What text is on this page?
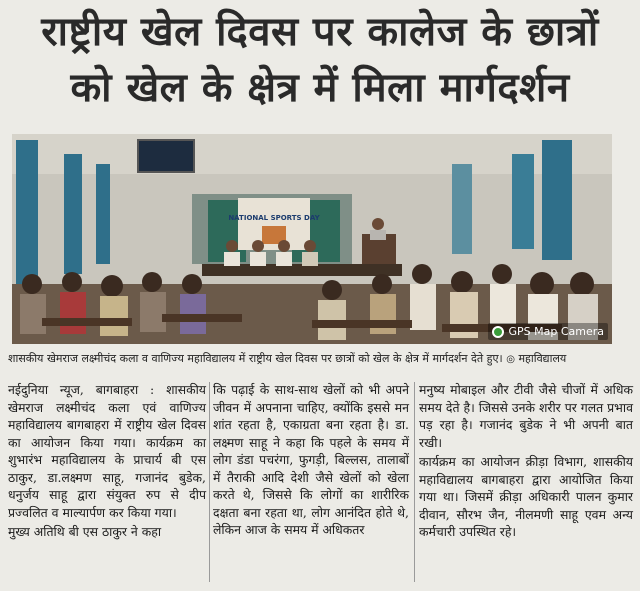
राष्ट्रीय खेल दिवस पर कालेज के छात्रों
को खेल के क्षेत्र में मिला मार्गदर्शन
NATIONAL SPORTS DAY
GPS Map Camera
शासकीय खेमराज लक्ष्मीचंद कला व वाणिज्य महाविद्यालय में राष्ट्रीय खेल दिवस पर छात्रों को खेल के क्षेत्र में मार्गदर्शन देते हुए। ◎ महाविद्यालय

नईदुनिया न्यूज, बागबाहरा : शासकीय खेमराज लक्ष्मीचंद कला एवं वाणिज्य महाविद्यालय बागबाहरा में राष्ट्रीय खेल दिवस का आयोजन किया गया। कार्यक्रम का शुभारंभ महाविद्यालय के प्राचार्य बी एस ठाकुर, डा.लक्ष्मण साहू, गजानंद बुडेक, धनुर्जय साहू द्वारा संयुक्त रुप से दीप प्रज्वलित व माल्यार्पण कर किया गया।

मुख्य अतिथि बी एस ठाकुर ने कहा

कि पढ़ाई के साथ-साथ खेलों को भी अपने जीवन में अपनाना चाहिए, क्योंकि इससे मन शांत रहता है, एकाग्रता बना रहता है। डा. लक्ष्मण साहू ने कहा कि पहले के समय में लोग डंडा पचरंगा, फुगड़ी, बिल्लस, तालाबों में तैराकी आदि देशी जैसे खेलों को खेला करते थे, जिससे कि लोगों का शारीरिक दक्षता बना रहता था, लोग आनंदित होते थे, लेकिन आज के समय में अधिकतर

मनुष्य मोबाइल और टीवी जैसे चीजों में अधिक समय देते है। जिससे उनके शरीर पर गलत प्रभाव पड़ रहा है। गजानंद बुडेक ने भी अपनी बात रखी।

कार्यक्रम का आयोजन क्रीड़ा विभाग, शासकीय महाविद्यालय बागबाहरा द्वारा आयोजित किया गया था। जिसमें क्रीड़ा अधिकारी पालन कुमार दीवान, सौरभ जैन, नीलमणी साहू एवम अन्य कर्मचारी उपस्थित रहे।
